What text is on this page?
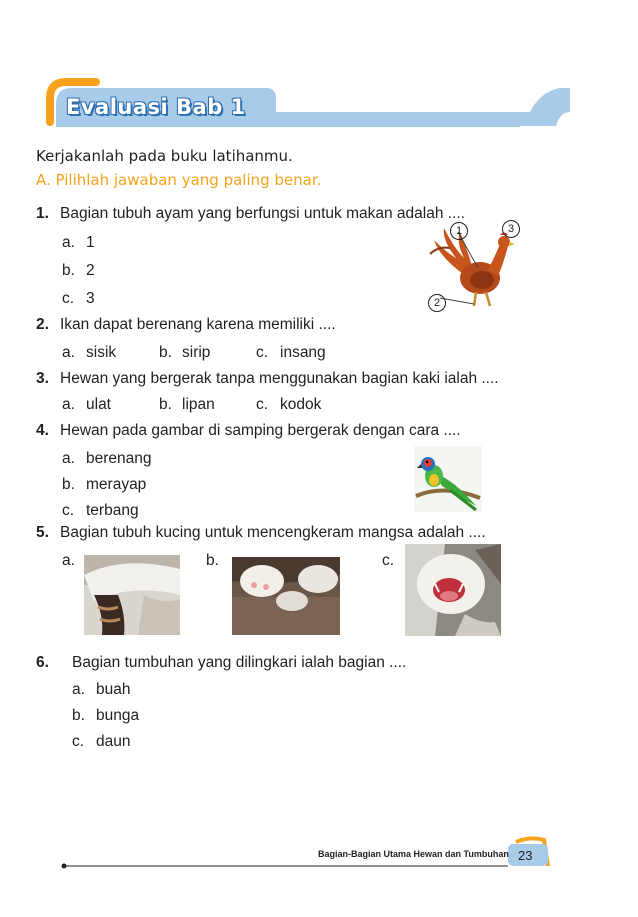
Evaluasi Bab 1
Kerjakanlah pada buku latihanmu.
A. Pilihlah jawaban yang paling benar.
1. Bagian tubuh ayam yang berfungsi untuk makan adalah ....
a. 1
b. 2
c. 3
1	3
2
2. Ikan dapat berenang karena memiliki ....
a. sisik	b. sirip	c. insang
3. Hewan yang bergerak tanpa menggunakan bagian kaki ialah ....
a. ulat	b. lipan	c. kodok
4. Hewan pada gambar di samping bergerak dengan cara ....
a. berenang
b. merayap
c. terbang
5. Bagian tubuh kucing untuk mencengkeram mangsa adalah ....
a.	b.	c.
6. Bagian tumbuhan yang dilingkari ialah bagian ....
a. buah
b. bunga
c. daun
Bagian-Bagian Utama Hewan dan Tumbuhan 23
